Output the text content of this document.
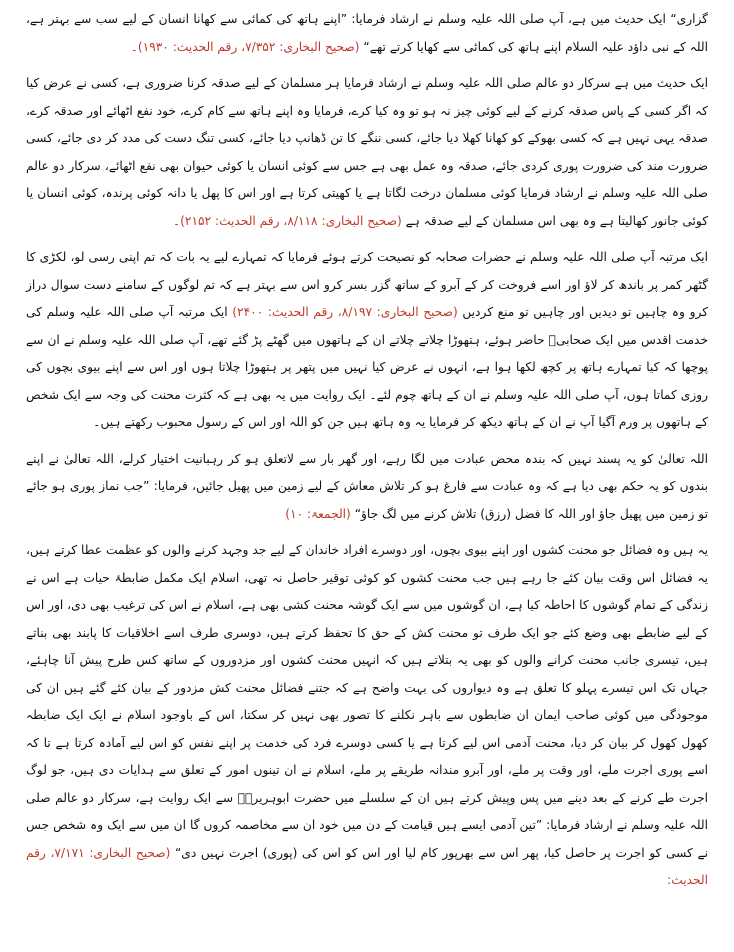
گزاری“ ایک حدیث میں ہے، آپ صلی اللہ علیہ وسلم نے ارشاد فرمایا: ”اپنے ہاتھ کی کمائی سے کھانا انسان کے لیے سب سے بہتر ہے، اللہ کے نبی داؤد علیہ السلام اپنے ہاتھ کی کمائی سے کھایا کرتے تھے“ (صحیح البخاری: ۷/۳۵۲، رقم الحدیث: ۱۹۳۰)۔

ایک حدیث میں ہے سرکار دو عالم صلی اللہ علیہ وسلم نے ارشاد فرمایا ہر مسلمان کے لیے صدقہ کرنا ضروری ہے، کسی نے عرض کیا کہ اگر کسی کے پاس صدقہ کرنے کے لیے کوئی چیز نہ ہو تو وہ کیا کرے، فرمایا وہ اپنے ہاتھ سے کام کرے، خود نفع اٹھائے اور صدقہ کرے، صدقہ یہی نہیں ہے کہ کسی بھوکے کو کھانا کھلا دیا جائے، کسی ننگے کا تن ڈھانپ دیا جائے، کسی تنگ دست کی مدد کر دی جائے، کسی ضرورت مند کی ضرورت پوری کردی جائے، صدقہ وہ عمل بھی ہے جس سے کوئی انسان یا کوئی حیوان بھی نفع اٹھائے، سرکار دو عالم صلی اللہ علیہ وسلم نے ارشاد فرمایا کوئی مسلمان درخت لگاتا ہے یا کھیتی کرتا ہے اور اس کا پھل یا دانہ کوئی پرندہ، کوئی انسان یا کوئی جانور کھالیتا ہے وہ بھی اس مسلمان کے لیے صدقہ ہے (صحیح البخاری: ۸/۱۱۸، رقم الحدیث: ۲۱۵۲)۔

ایک مرتبہ آپ صلی اللہ علیہ وسلم نے حضرات صحابہ کو نصیحت کرتے ہوئے فرمایا کہ تمہارے لیے یہ بات کہ تم اپنی رسی لو، لکڑی کا گٹھر کمر پر باندھ کر لاؤ اور اسے فروخت کر کے آبرو کے ساتھ گزر بسر کرو اس سے بہتر ہے کہ تم لوگوں کے سامنے دست سوال دراز کرو وہ چاہیں تو دیدیں اور چاہیں تو منع کردیں (صحیح البخاری: ۸/۱۹۷، رقم الحدیث: ۲۴۰۰) ایک مرتبہ آپ صلی اللہ علیہ وسلم کی خدمت اقدس میں ایک صحابیؓ حاضر ہوئے، ہتھوڑا چلاتے چلاتے ان کے ہاتھوں میں گھٹے پڑ گئے تھے، آپ صلی اللہ علیہ وسلم نے ان سے پوچھا کہ کیا تمہارے ہاتھ پر کچھ لکھا ہوا ہے، انہوں نے عرض کیا نہیں میں پتھر پر ہتھوڑا چلاتا ہوں اور اس سے اپنے بیوی بچوں کی روزی کماتا ہوں، آپ صلی اللہ علیہ وسلم نے ان کے ہاتھ چوم لئے۔ ایک روایت میں یہ بھی ہے کہ کثرت محنت کی وجہ سے ایک شخص کے ہاتھوں پر ورم آگیا آپ نے ان کے ہاتھ دیکھ کر فرمایا یہ وہ ہاتھ ہیں جن کو اللہ اور اس کے رسول محبوب رکھتے ہیں۔

اللہ تعالیٰ کو یہ پسند نہیں کہ بندہ محض عبادت میں لگا رہے، اور گھر بار سے لاتعلق ہو کر رہبانیت اختیار کرلے، اللہ تعالیٰ نے اپنے بندوں کو یہ حکم بھی دیا ہے کہ وہ عبادت سے فارغ ہو کر تلاش معاش کے لیے زمین میں پھیل جائیں، فرمایا: ”جب نماز پوری ہو جائے تو زمین میں پھیل جاؤ اور اللہ کا فضل (رزق) تلاش کرنے میں لگ جاؤ“ (الجمعۃ: ۱۰)

یہ ہیں وہ فضائل جو محنت کشوں اور اپنے بیوی بچوں، اور دوسرے افراد خاندان کے لیے جد وجہد کرنے والوں کو عظمت عطا کرتے ہیں، یہ فضائل اس وقت بیان کئے جا رہے ہیں جب محنت کشوں کو کوئی توقیر حاصل نہ تھی، اسلام ایک مکمل ضابطۂ حیات ہے اس نے زندگی کے تمام گوشوں کا احاطہ کیا ہے، ان گوشوں میں سے ایک گوشہ محنت کشی بھی ہے، اسلام نے اس کی ترغیب بھی دی، اور اس کے لیے ضابطے بھی وضع کئے جو ایک طرف تو محنت کش کے حق کا تحفظ کرتے ہیں، دوسری طرف اسے اخلاقیات کا پابند بھی بناتے ہیں، تیسری جانب محنت کرانے والوں کو بھی یہ بتلاتے ہیں کہ انہیں محنت کشوں اور مزدوروں کے ساتھ کس طرح پیش آنا چاہئے، جہاں تک اس تیسرے پہلو کا تعلق ہے وہ دیواروں کی بہت واضح ہے کہ جتنے فضائل محنت کش مزدور کے بیان کئے گئے ہیں ان کی موجودگی میں کوئی صاحب ایمان ان ضابطوں سے باہر نکلنے کا تصور بھی نہیں کر سکتا، اس کے باوجود اسلام نے ایک ایک ضابطہ کھول کھول کر بیان کر دیا، محنت آدمی اس لیے کرتا ہے یا کسی دوسرے فرد کی خدمت پر اپنے نفس کو اس لیے آمادہ کرتا ہے تا کہ اسے پوری اجرت ملے، اور وقت پر ملے، اور آبرو مندانہ طریقے پر ملے، اسلام نے ان تینوں امور کے تعلق سے ہدایات دی ہیں، جو لوگ اجرت طے کرنے کے بعد دینے میں پس وپیش کرتے ہیں ان کے سلسلے میں حضرت ابوہریرہؓ سے ایک روایت ہے، سرکار دو عالم صلی اللہ علیہ وسلم نے ارشاد فرمایا: ”تین آدمی ایسے ہیں قیامت کے دن میں خود ان سے مخاصمہ کروں گا ان میں سے ایک وہ شخص جس نے کسی کو اجرت پر حاصل کیا، پھر اس سے بھرپور کام لیا اور اس کو اس کی (پوری) اجرت نہیں دی“ (صحیح البخاری: ۷/۱۷۱، رقم الحدیث:
